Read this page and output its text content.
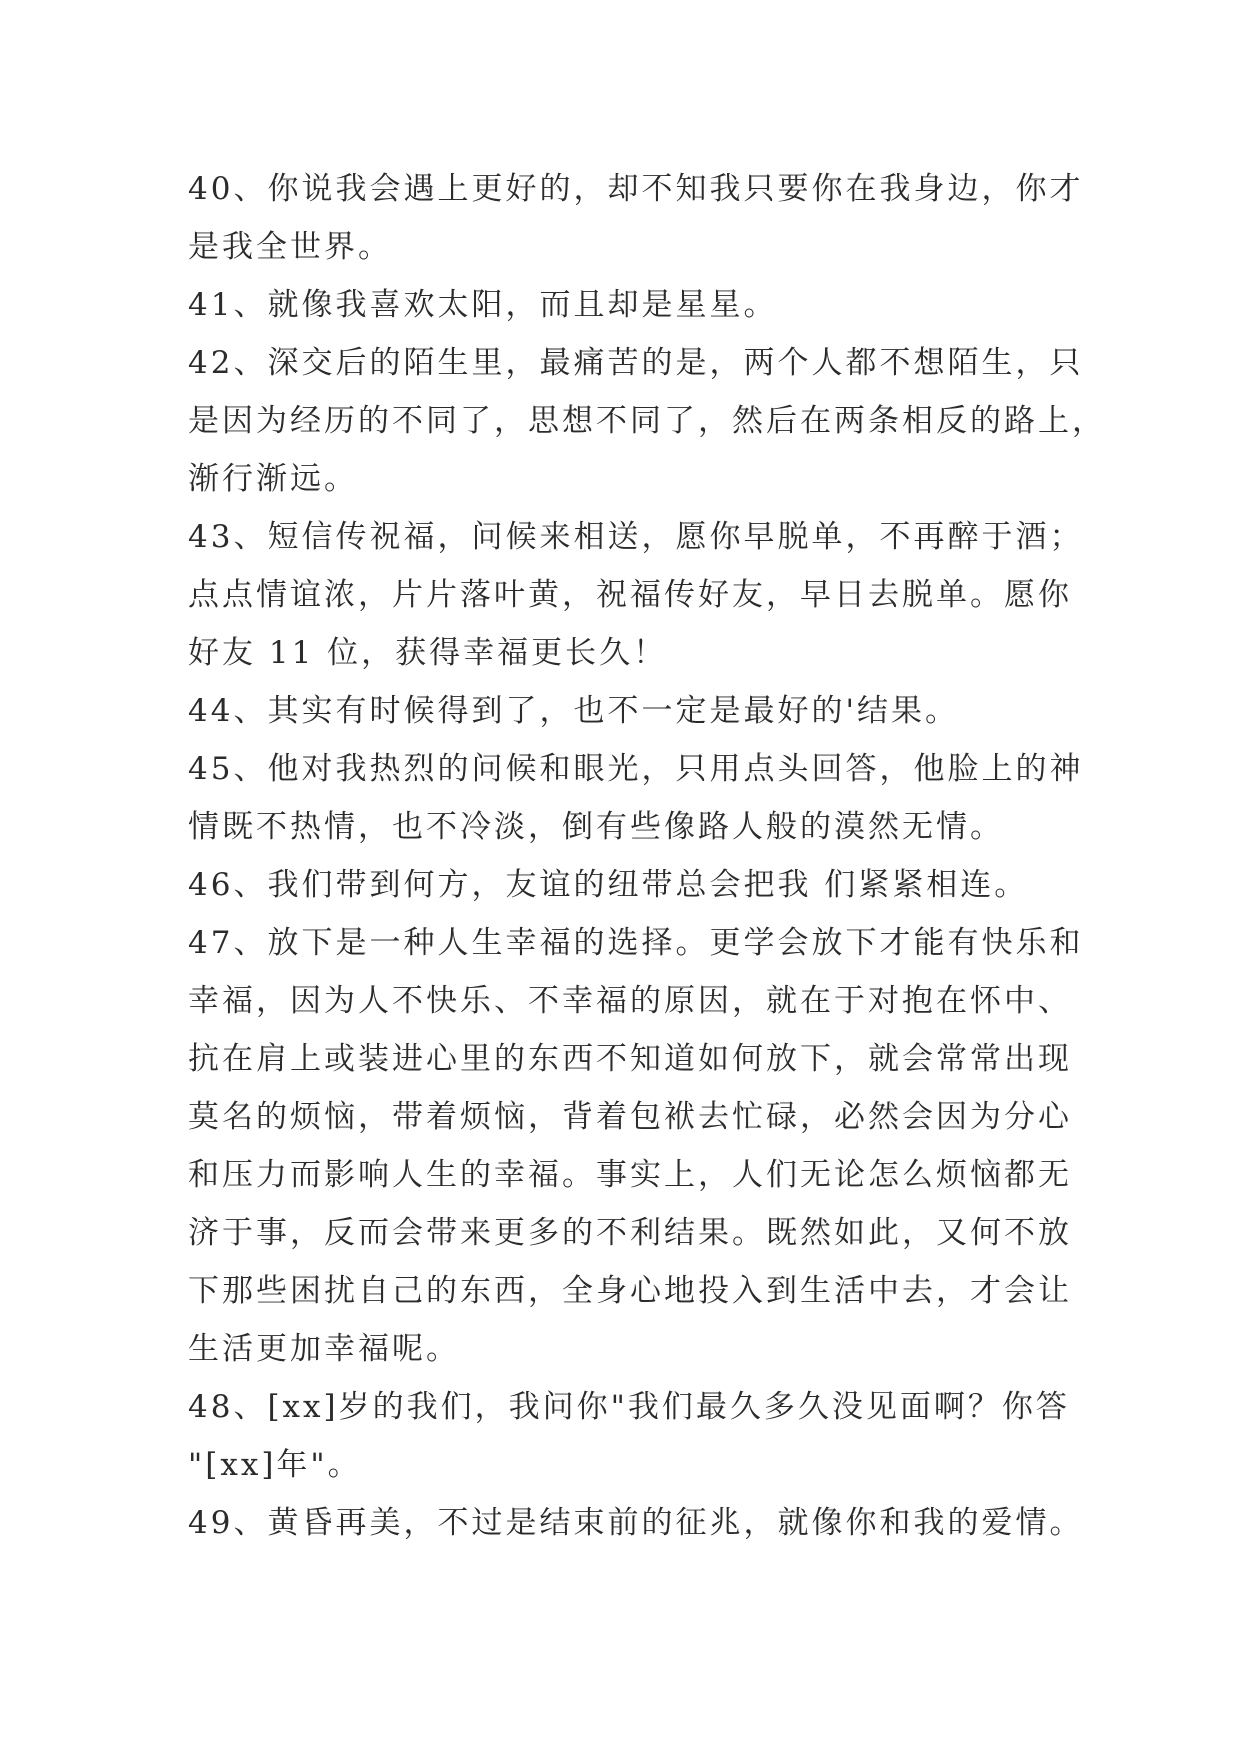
40、你说我会遇上更好的，却不知我只要你在我身边，你才
是我全世界。
41、就像我喜欢太阳，而且却是星星。
42、深交后的陌生里，最痛苦的是，两个人都不想陌生，只
是因为经历的不同了，思想不同了，然后在两条相反的路上，
渐行渐远。
43、短信传祝福，问候来相送，愿你早脱单，不再醉于酒；
点点情谊浓，片片落叶黄，祝福传好友，早日去脱单。愿你
好友 11 位，获得幸福更长久！
44、其实有时候得到了，也不一定是最好的'结果。
45、他对我热烈的问候和眼光，只用点头回答，他脸上的神
情既不热情，也不冷淡，倒有些像路人般的漠然无情。
46、我们带到何方，友谊的纽带总会把我 们紧紧相连。
47、放下是一种人生幸福的选择。更学会放下才能有快乐和
幸福，因为人不快乐、不幸福的原因，就在于对抱在怀中、
抗在肩上或装进心里的东西不知道如何放下，就会常常出现
莫名的烦恼，带着烦恼，背着包袱去忙碌，必然会因为分心
和压力而影响人生的幸福。事实上，人们无论怎么烦恼都无
济于事，反而会带来更多的不利结果。既然如此，又何不放
下那些困扰自己的东西，全身心地投入到生活中去，才会让
生活更加幸福呢。
48、[xx]岁的我们，我问你"我们最久多久没见面啊？你答
"[xx]年"。
49、黄昏再美，不过是结束前的征兆，就像你和我的爱情。
